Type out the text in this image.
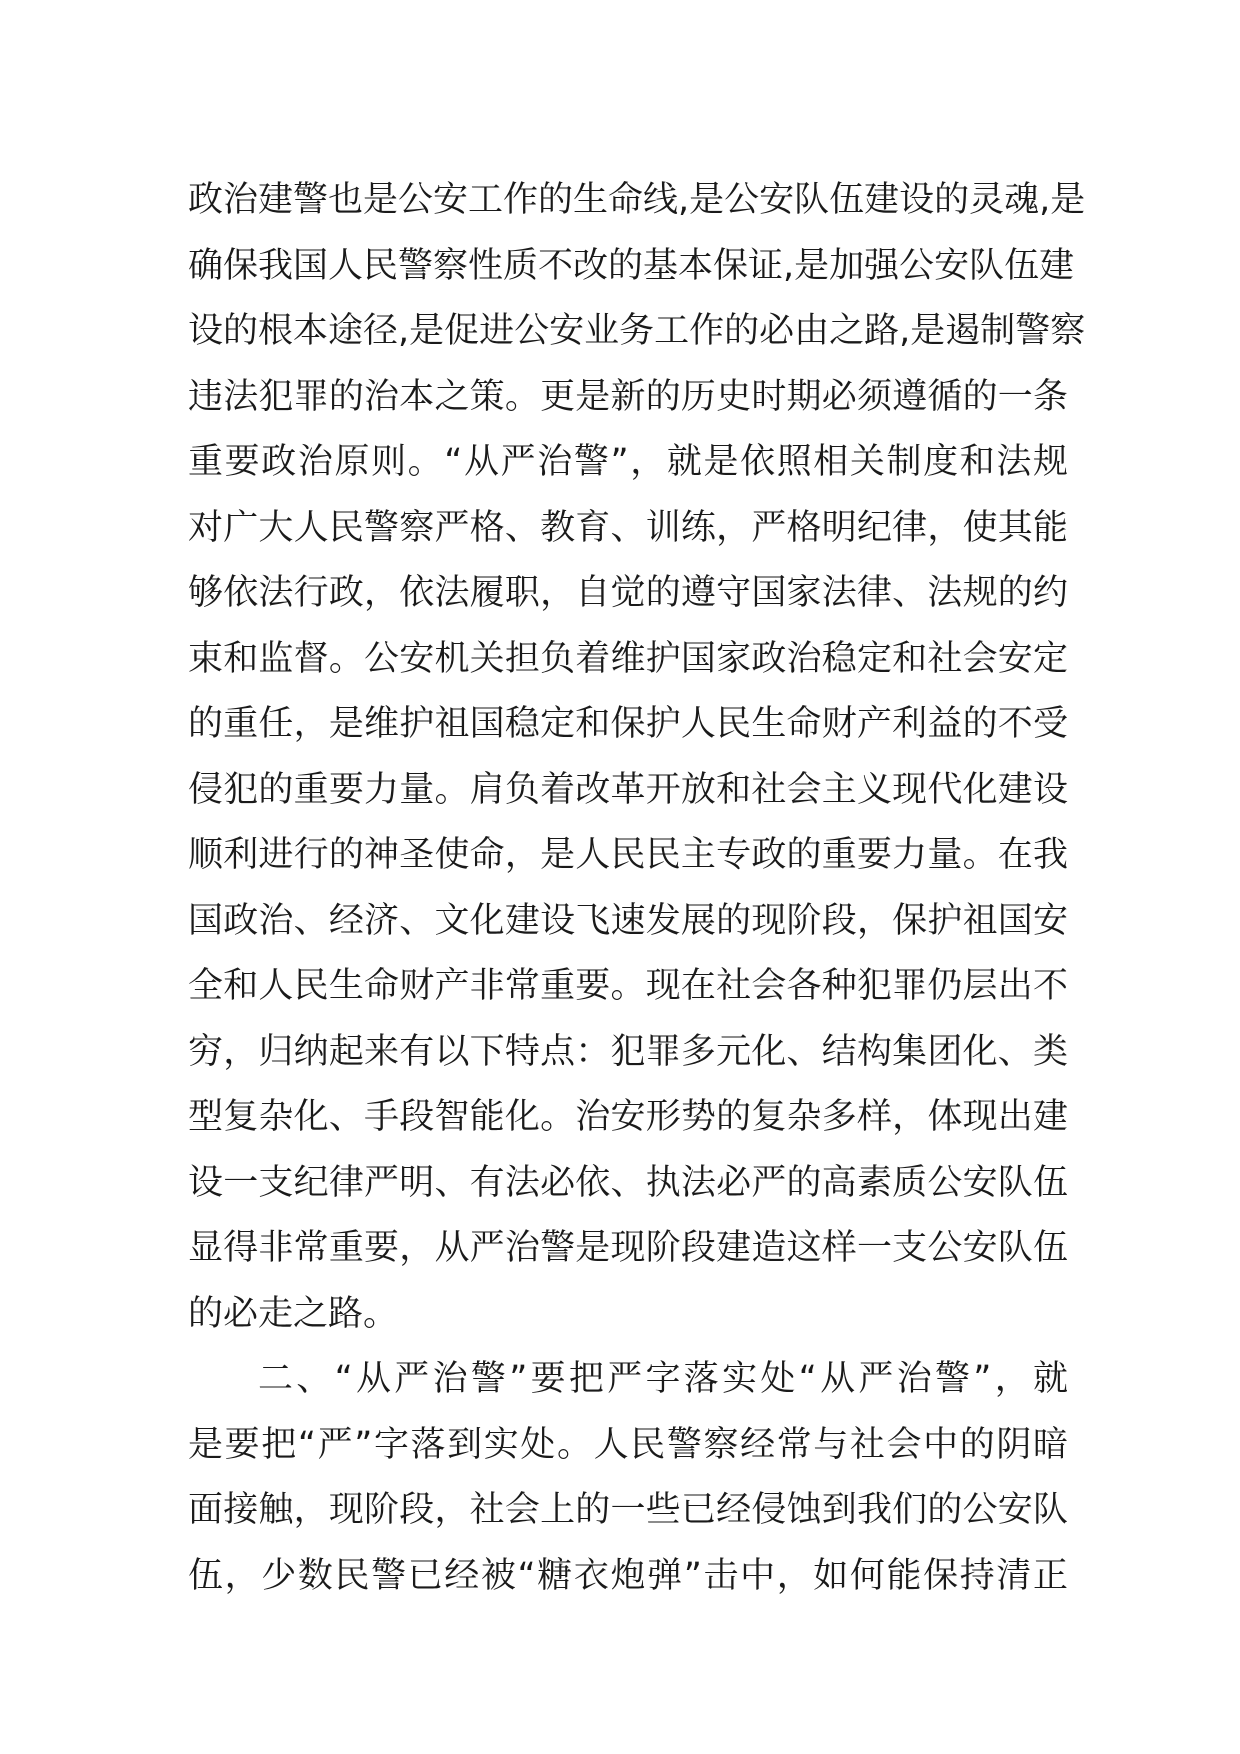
政治建警也是公安工作的生命线,是公安队伍建设的灵魂,是
确保我国人民警察性质不改的基本保证,是加强公安队伍建
设的根本途径,是促进公安业务工作的必由之路,是遏制警察
违法犯罪的治本之策。更是新的历史时期必须遵循的一条
重要政治原则。“从严治警”，就是依照相关制度和法规
对广大人民警察严格、教育、训练，严格明纪律，使其能
够依法行政，依法履职，自觉的遵守国家法律、法规的约
束和监督。公安机关担负着维护国家政治稳定和社会安定
的重任，是维护祖国稳定和保护人民生命财产利益的不受
侵犯的重要力量。肩负着改革开放和社会主义现代化建设
顺利进行的神圣使命，是人民民主专政的重要力量。在我
国政治、经济、文化建设飞速发展的现阶段，保护祖国安
全和人民生命财产非常重要。现在社会各种犯罪仍层出不
穷，归纳起来有以下特点：犯罪多元化、结构集团化、类
型复杂化、手段智能化。治安形势的复杂多样，体现出建
设一支纪律严明、有法必依、执法必严的高素质公安队伍
显得非常重要，从严治警是现阶段建造这样一支公安队伍
的必走之路。
二、“从严治警”要把严字落实处“从严治警”，就
是要把“严”字落到实处。人民警察经常与社会中的阴暗
面接触，现阶段，社会上的一些已经侵蚀到我们的公安队
伍，少数民警已经被“糖衣炮弹”击中，如何能保持清正
